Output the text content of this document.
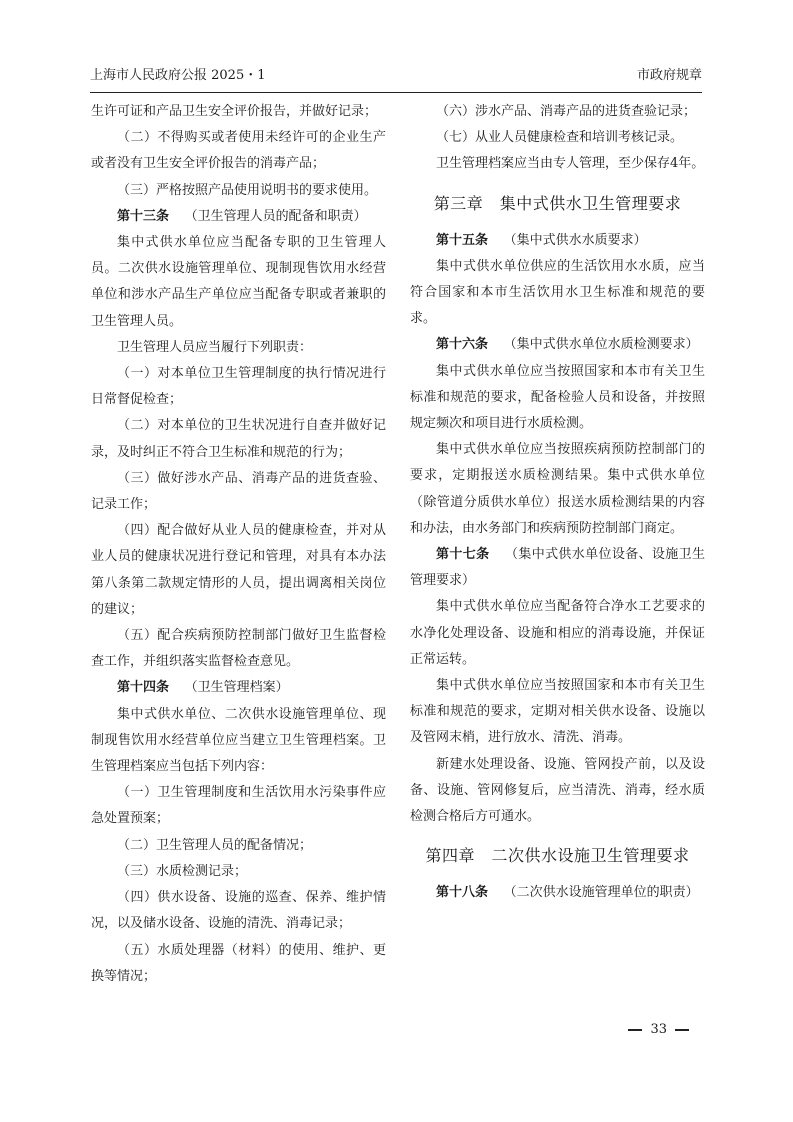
上海市人民政府公报 2025・1	市政府规章

生许可证和产品卫生安全评价报告，并做好记录；

（二）不得购买或者使用未经许可的企业生产或者没有卫生安全评价报告的消毒产品；

（三）严格按照产品使用说明书的要求使用。

第十三条 （卫生管理人员的配备和职责）

集中式供水单位应当配备专职的卫生管理人员。二次供水设施管理单位、现制现售饮用水经营单位和涉水产品生产单位应当配备专职或者兼职的卫生管理人员。

卫生管理人员应当履行下列职责：

（一）对本单位卫生管理制度的执行情况进行日常督促检查；

（二）对本单位的卫生状况进行自查并做好记录，及时纠正不符合卫生标准和规范的行为；

（三）做好涉水产品、消毒产品的进货查验、记录工作；

（四）配合做好从业人员的健康检查，并对从业人员的健康状况进行登记和管理，对具有本办法第八条第二款规定情形的人员，提出调离相关岗位的建议；

（五）配合疾病预防控制部门做好卫生监督检查工作，并组织落实监督检查意见。

第十四条 （卫生管理档案）

集中式供水单位、二次供水设施管理单位、现制现售饮用水经营单位应当建立卫生管理档案。卫生管理档案应当包括下列内容：

（一）卫生管理制度和生活饮用水污染事件应急处置预案；

（二）卫生管理人员的配备情况；

（三）水质检测记录；

（四）供水设备、设施的巡查、保养、维护情况，以及储水设备、设施的清洗、消毒记录；

（五）水质处理器（材料）的使用、维护、更换等情况；

（六）涉水产品、消毒产品的进货查验记录；

（七）从业人员健康检查和培训考核记录。

卫生管理档案应当由专人管理，至少保存4年。

第三章　集中式供水卫生管理要求

第十五条 （集中式供水水质要求）

集中式供水单位供应的生活饮用水水质，应当符合国家和本市生活饮用水卫生标准和规范的要求。

第十六条 （集中式供水单位水质检测要求）

集中式供水单位应当按照国家和本市有关卫生标准和规范的要求，配备检验人员和设备，并按照规定频次和项目进行水质检测。

集中式供水单位应当按照疾病预防控制部门的要求，定期报送水质检测结果。集中式供水单位（除管道分质供水单位）报送水质检测结果的内容和办法，由水务部门和疾病预防控制部门商定。

第十七条 （集中式供水单位设备、设施卫生管理要求）

集中式供水单位应当配备符合净水工艺要求的水净化处理设备、设施和相应的消毒设施，并保证正常运转。

集中式供水单位应当按照国家和本市有关卫生标准和规范的要求，定期对相关供水设备、设施以及管网末梢，进行放水、清洗、消毒。

新建水处理设备、设施、管网投产前，以及设备、设施、管网修复后，应当清洗、消毒，经水质检测合格后方可通水。

第四章　二次供水设施卫生管理要求

第十八条 （二次供水设施管理单位的职责）

33
